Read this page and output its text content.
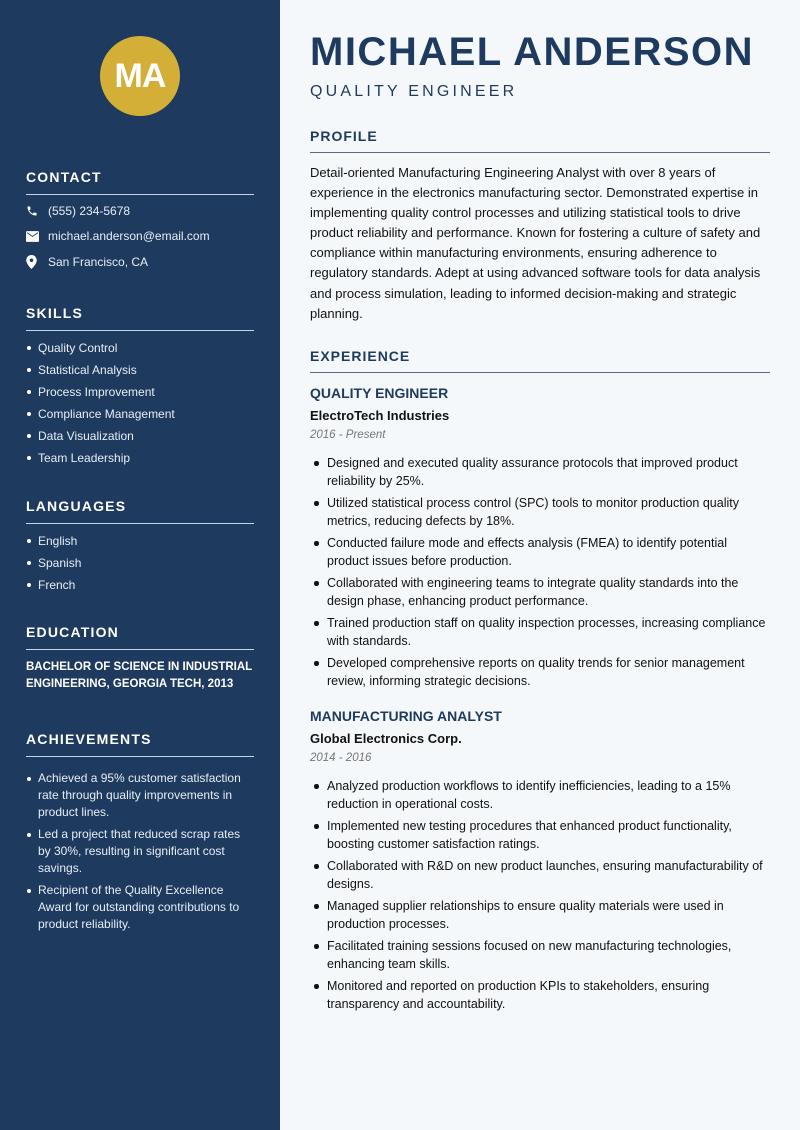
MA
CONTACT
(555) 234-5678
michael.anderson@email.com
San Francisco, CA
SKILLS
Quality Control
Statistical Analysis
Process Improvement
Compliance Management
Data Visualization
Team Leadership
LANGUAGES
English
Spanish
French
EDUCATION
BACHELOR OF SCIENCE IN INDUSTRIAL ENGINEERING, GEORGIA TECH, 2013
ACHIEVEMENTS
Achieved a 95% customer satisfaction rate through quality improvements in product lines.
Led a project that reduced scrap rates by 30%, resulting in significant cost savings.
Recipient of the Quality Excellence Award for outstanding contributions to product reliability.
MICHAEL ANDERSON
QUALITY ENGINEER
PROFILE
Detail-oriented Manufacturing Engineering Analyst with over 8 years of experience in the electronics manufacturing sector. Demonstrated expertise in implementing quality control processes and utilizing statistical tools to drive product reliability and performance. Known for fostering a culture of safety and compliance within manufacturing environments, ensuring adherence to regulatory standards. Adept at using advanced software tools for data analysis and process simulation, leading to informed decision-making and strategic planning.
EXPERIENCE
QUALITY ENGINEER
ElectroTech Industries
2016 - Present
Designed and executed quality assurance protocols that improved product reliability by 25%.
Utilized statistical process control (SPC) tools to monitor production quality metrics, reducing defects by 18%.
Conducted failure mode and effects analysis (FMEA) to identify potential product issues before production.
Collaborated with engineering teams to integrate quality standards into the design phase, enhancing product performance.
Trained production staff on quality inspection processes, increasing compliance with standards.
Developed comprehensive reports on quality trends for senior management review, informing strategic decisions.
MANUFACTURING ANALYST
Global Electronics Corp.
2014 - 2016
Analyzed production workflows to identify inefficiencies, leading to a 15% reduction in operational costs.
Implemented new testing procedures that enhanced product functionality, boosting customer satisfaction ratings.
Collaborated with R&D on new product launches, ensuring manufacturability of designs.
Managed supplier relationships to ensure quality materials were used in production processes.
Facilitated training sessions focused on new manufacturing technologies, enhancing team skills.
Monitored and reported on production KPIs to stakeholders, ensuring transparency and accountability.
